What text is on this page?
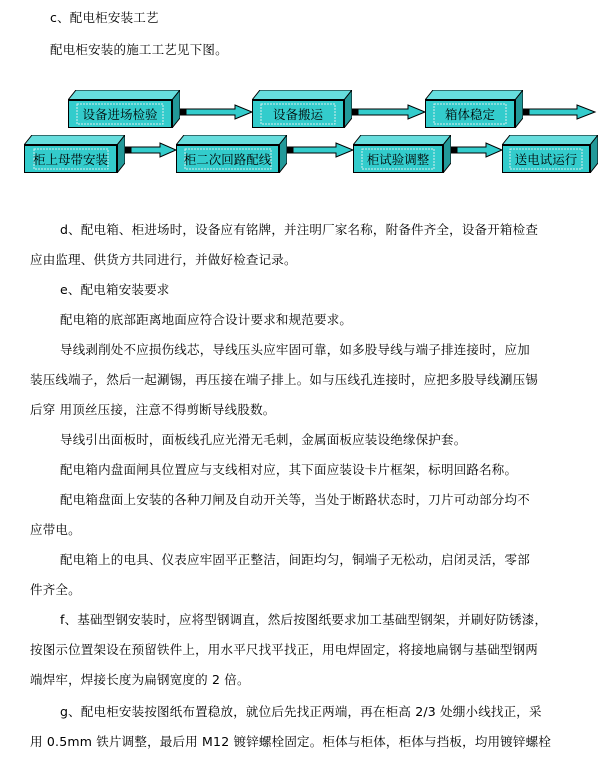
c、配电柜安装工艺
配电柜安装的施工工艺见下图。
设备进场检验	设备搬运	箱体稳定
柜上母带安装	柜二次回路配线	柜试验调整	送电试运行
d、配电箱、柜进场时，设备应有铭牌，并注明厂家名称，附备件齐全，设备开箱检查
应由监理、供货方共同进行，并做好检查记录。
e、配电箱安装要求
配电箱的底部距离地面应符合设计要求和规范要求。
导线剥削处不应损伤线芯，导线压头应牢固可靠，如多股导线与端子排连接时，应加
装压线端子，然后一起涮锡，再压接在端子排上。如与压线孔连接时，应把多股导线涮压锡
后穿 用顶丝压接，注意不得剪断导线股数。
导线引出面板时，面板线孔应光滑无毛刺，金属面板应装设绝缘保护套。
配电箱内盘面闸具位置应与支线相对应，其下面应装设卡片框架，标明回路名称。
配电箱盘面上安装的各种刀闸及自动开关等，当处于断路状态时，刀片可动部分均不
应带电。
配电箱上的电具、仪表应牢固平正整洁，间距均匀，铜端子无松动，启闭灵活，零部
件齐全。
f、基础型钢安装时，应将型钢调直，然后按图纸要求加工基础型钢架，并刷好防锈漆，
按图示位置架设在预留铁件上，用水平尺找平找正，用电焊固定，将接地扁钢与基础型钢两
端焊牢，焊接长度为扁钢宽度的 2 倍。
g、配电柜安装按图纸布置稳放，就位后先找正两端，再在柜高 2/3 处绷小线找正，采
用 0.5mm 铁片调整，最后用 M12 镀锌螺栓固定。柜体与柜体，柜体与挡板，均用镀锌螺栓
